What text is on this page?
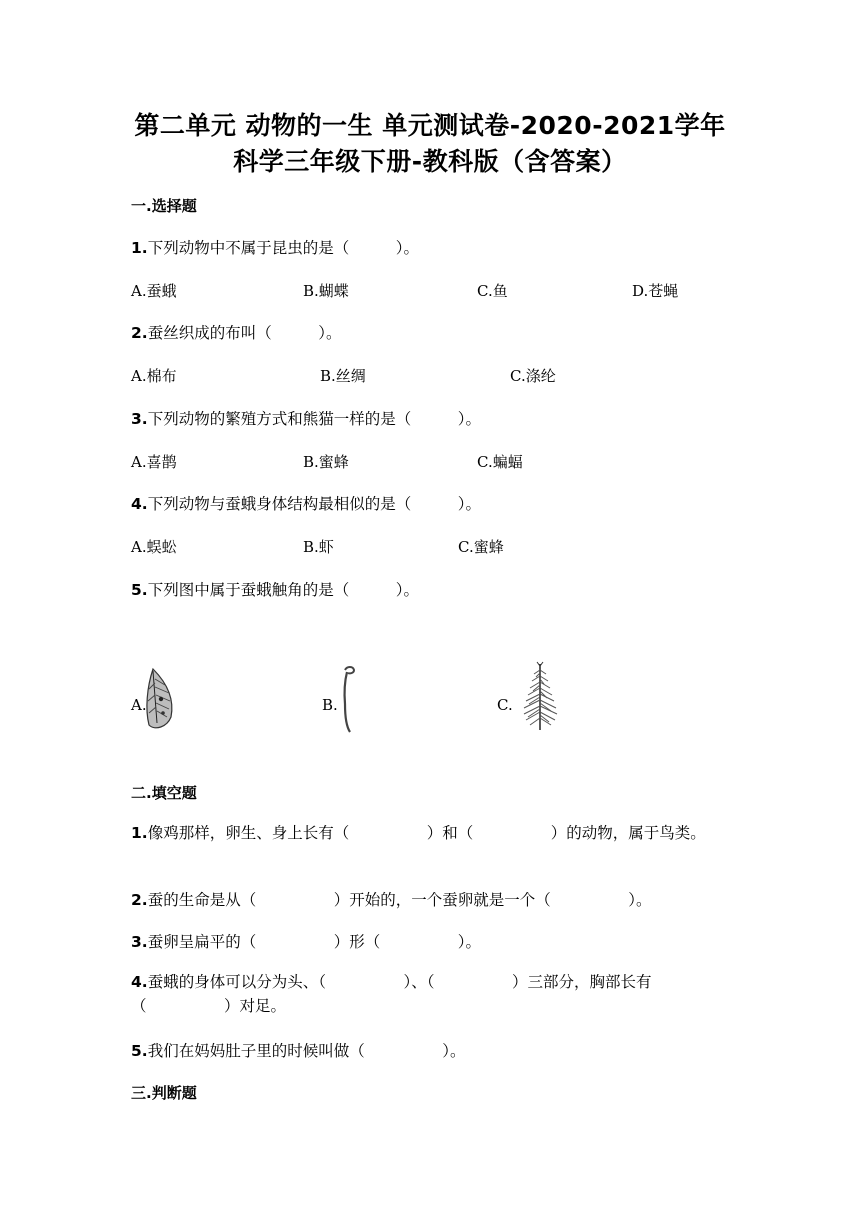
第二单元 动物的一生 单元测试卷-2020-2021学年
科学三年级下册-教科版（含答案）
一.选择题
1.下列动物中不属于昆虫的是（　　　）。
A.蚕蛾	B.蝴蝶	C.鱼	D.苍蝇
2.蚕丝织成的布叫（　　　）。
A.棉布	B.丝绸	C.涤纶
3.下列动物的繁殖方式和熊猫一样的是（　　　）。
A.喜鹊	B.蜜蜂	C.蝙蝠
4.下列动物与蚕蛾身体结构最相似的是（　　　）。
A.蜈蚣	B.虾	C.蜜蜂
5.下列图中属于蚕蛾触角的是（　　　）。
A.	B.	C.
二.填空题
1.像鸡那样，卵生、身上长有（　　　　　）和（　　　　　）的动物，属于鸟类。
2.蚕的生命是从（　　　　　）开始的，一个蚕卵就是一个（　　　　　）。
3.蚕卵呈扁平的（　　　　　）形（　　　　　）。
4.蚕蛾的身体可以分为头、（　　　　　）、（　　　　　）三部分，胸部长有（　　　　　）对足。
5.我们在妈妈肚子里的时候叫做（　　　　　）。
三.判断题
